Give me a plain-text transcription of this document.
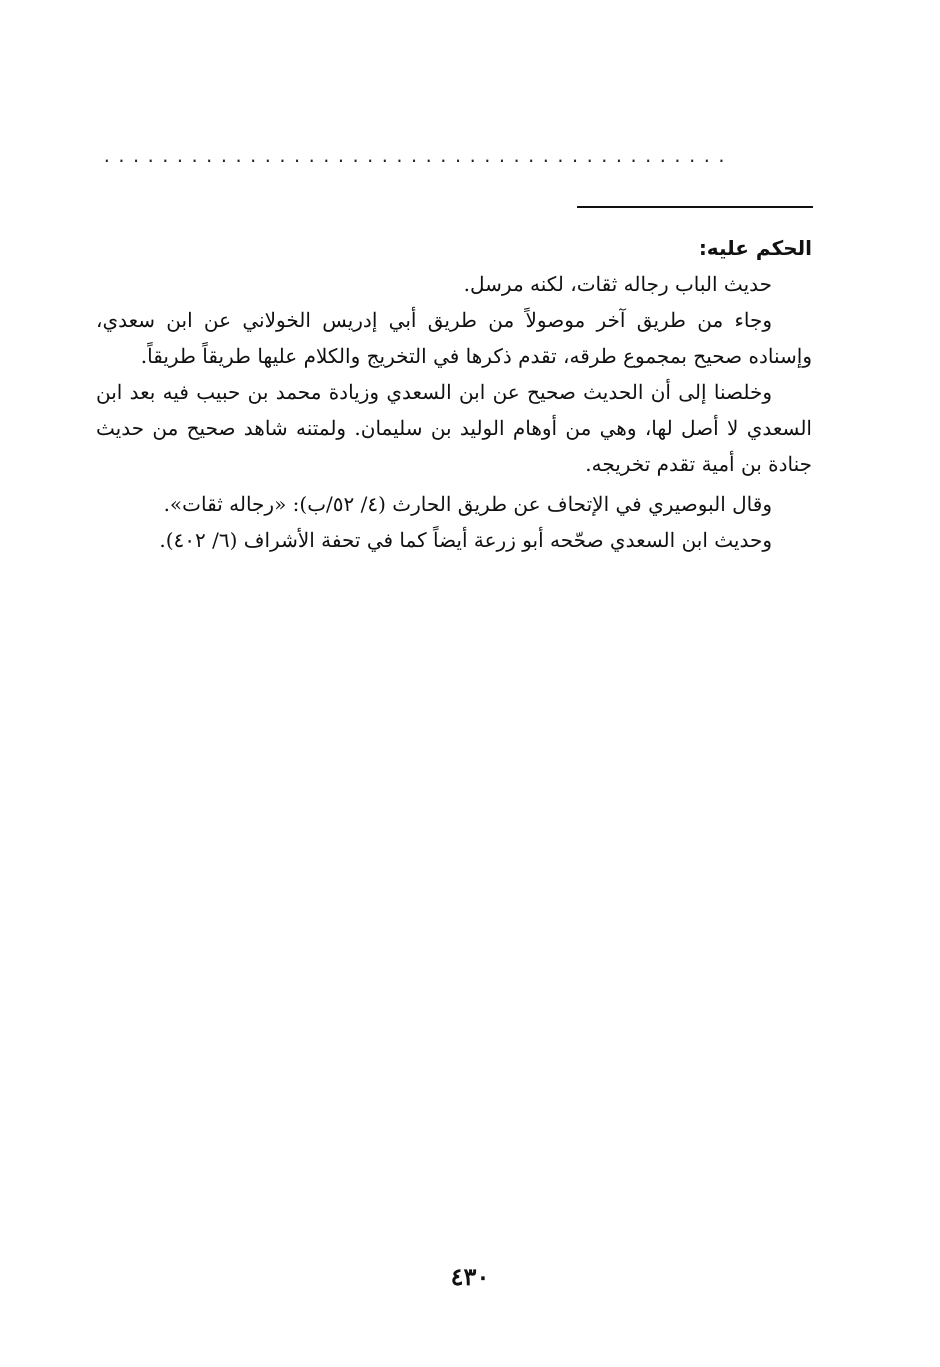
...........................................
الحكم عليه:

حديث الباب رجاله ثقات، لكنه مرسل.

وجاء من طريق آخر موصولاً من طريق أبي إدريس الخولاني عن ابن سعدي، وإسناده صحيح بمجموع طرقه، تقدم ذكرها في التخريج والكلام عليها طريقاً طريقاً.

وخلصنا إلى أن الحديث صحيح عن ابن السعدي وزيادة محمد بن حبيب فيه بعد ابن السعدي لا أصل لها، وهي من أوهام الوليد بن سليمان. ولمتنه شاهد صحيح من حديث جنادة بن أمية تقدم تخريجه.

وقال البوصيري في الإتحاف عن طريق الحارث (٤/ ٥٢/ب): «رجاله ثقات».

وحديث ابن السعدي صحّحه أبو زرعة أيضاً كما في تحفة الأشراف (٦/ ٤٠٢).

٤٣٠
